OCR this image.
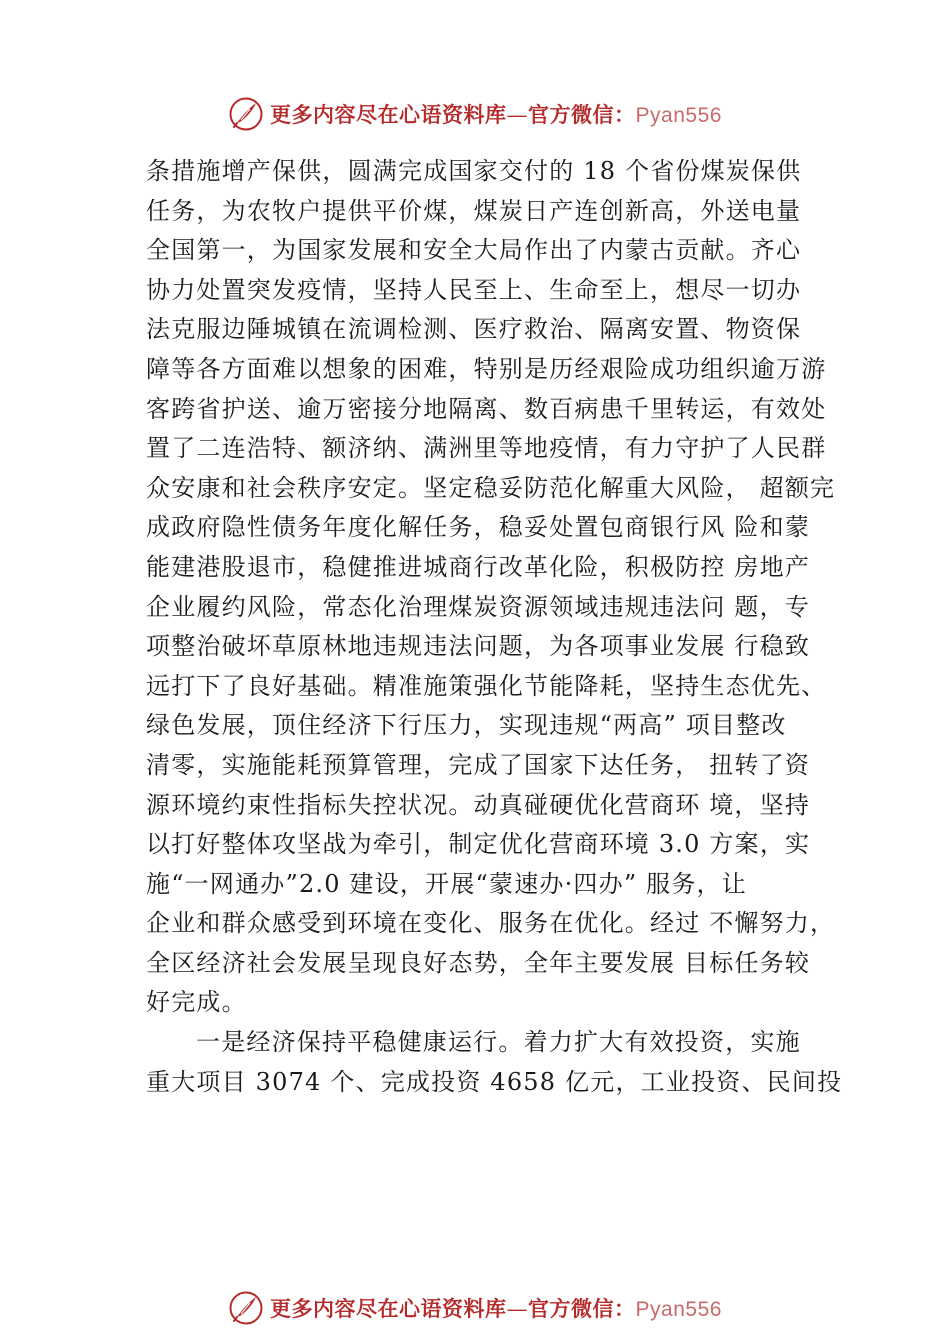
更多内容尽在心语资料库—官方微信：Pyan556
条措施增产保供，圆满完成国家交付的 18 个省份煤炭保供
任务，为农牧户提供平价煤，煤炭日产连创新高，外送电量
全国第一，为国家发展和安全大局作出了内蒙古贡献。齐心
协力处置突发疫情，坚持人民至上、生命至上，想尽一切办
法克服边陲城镇在流调检测、医疗救治、隔离安置、物资保
障等各方面难以想象的困难，特别是历经艰险成功组织逾万游
客跨省护送、逾万密接分地隔离、数百病患千里转运，有效处
置了二连浩特、额济纳、满洲里等地疫情，有力守护了人民群
众安康和社会秩序安定。坚定稳妥防范化解重大风险， 超额完
成政府隐性债务年度化解任务，稳妥处置包商银行风 险和蒙
能建港股退市，稳健推进城商行改革化险，积极防控 房地产
企业履约风险，常态化治理煤炭资源领域违规违法问 题，专
项整治破坏草原林地违规违法问题，为各项事业发展 行稳致
远打下了良好基础。精准施策强化节能降耗，坚持生态优先、
绿色发展，顶住经济下行压力，实现违规“两高” 项目整改
清零，实施能耗预算管理，完成了国家下达任务， 扭转了资
源环境约束性指标失控状况。动真碰硬优化营商环 境，坚持
以打好整体攻坚战为牵引，制定优化营商环境 3.0 方案，实
施“一网通办”2.0 建设，开展“蒙速办·四办” 服务，让
企业和群众感受到环境在变化、服务在优化。经过 不懈努力，
全区经济社会发展呈现良好态势，全年主要发展 目标任务较
好完成。
一是经济保持平稳健康运行。着力扩大有效投资，实施
重大项目 3074 个、完成投资 4658 亿元，工业投资、民间投
更多内容尽在心语资料库—官方微信：Pyan556
